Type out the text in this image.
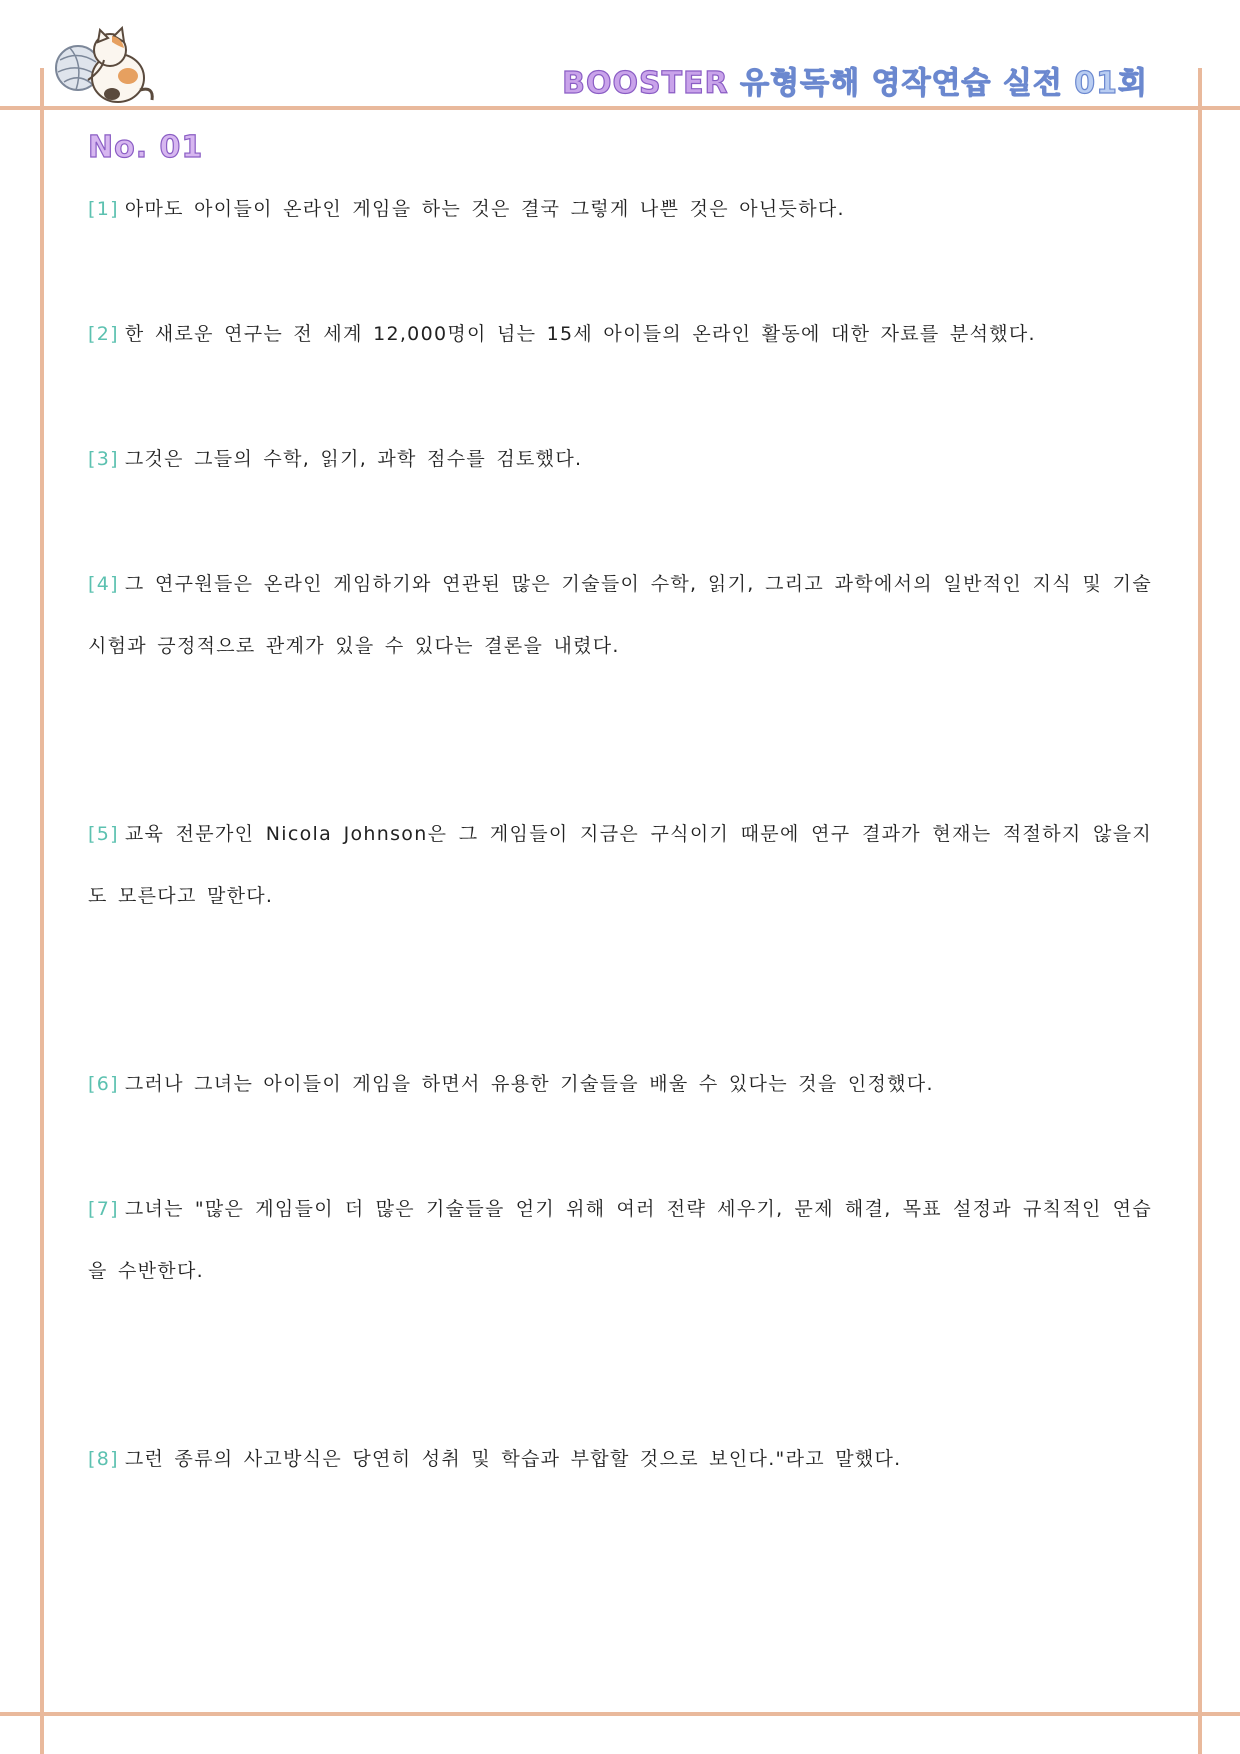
BOOSTER 유형독해 영작연습 실전 01회
No. 01
[1] 아마도 아이들이 온라인 게임을 하는 것은 결국 그렇게 나쁜 것은 아닌듯하다.
[2] 한 새로운 연구는 전 세계 12,000명이 넘는 15세 아이들의 온라인 활동에 대한 자료를 분석했다.
[3] 그것은 그들의 수학, 읽기, 과학 점수를 검토했다.
[4] 그 연구원들은 온라인 게임하기와 연관된 많은 기술들이 수학, 읽기, 그리고 과학에서의 일반적인 지식 및 기술 시험과 긍정적으로 관계가 있을 수 있다는 결론을 내렸다.
[5] 교육 전문가인 Nicola Johnson은 그 게임들이 지금은 구식이기 때문에 연구 결과가 현재는 적절하지 않을지도 모른다고 말한다.
[6] 그러나 그녀는 아이들이 게임을 하면서 유용한 기술들을 배울 수 있다는 것을 인정했다.
[7] 그녀는 "많은 게임들이 더 많은 기술들을 얻기 위해 여러 전략 세우기, 문제 해결, 목표 설정과 규칙적인 연습을 수반한다.
[8] 그런 종류의 사고방식은 당연히 성취 및 학습과 부합할 것으로 보인다."라고 말했다.
